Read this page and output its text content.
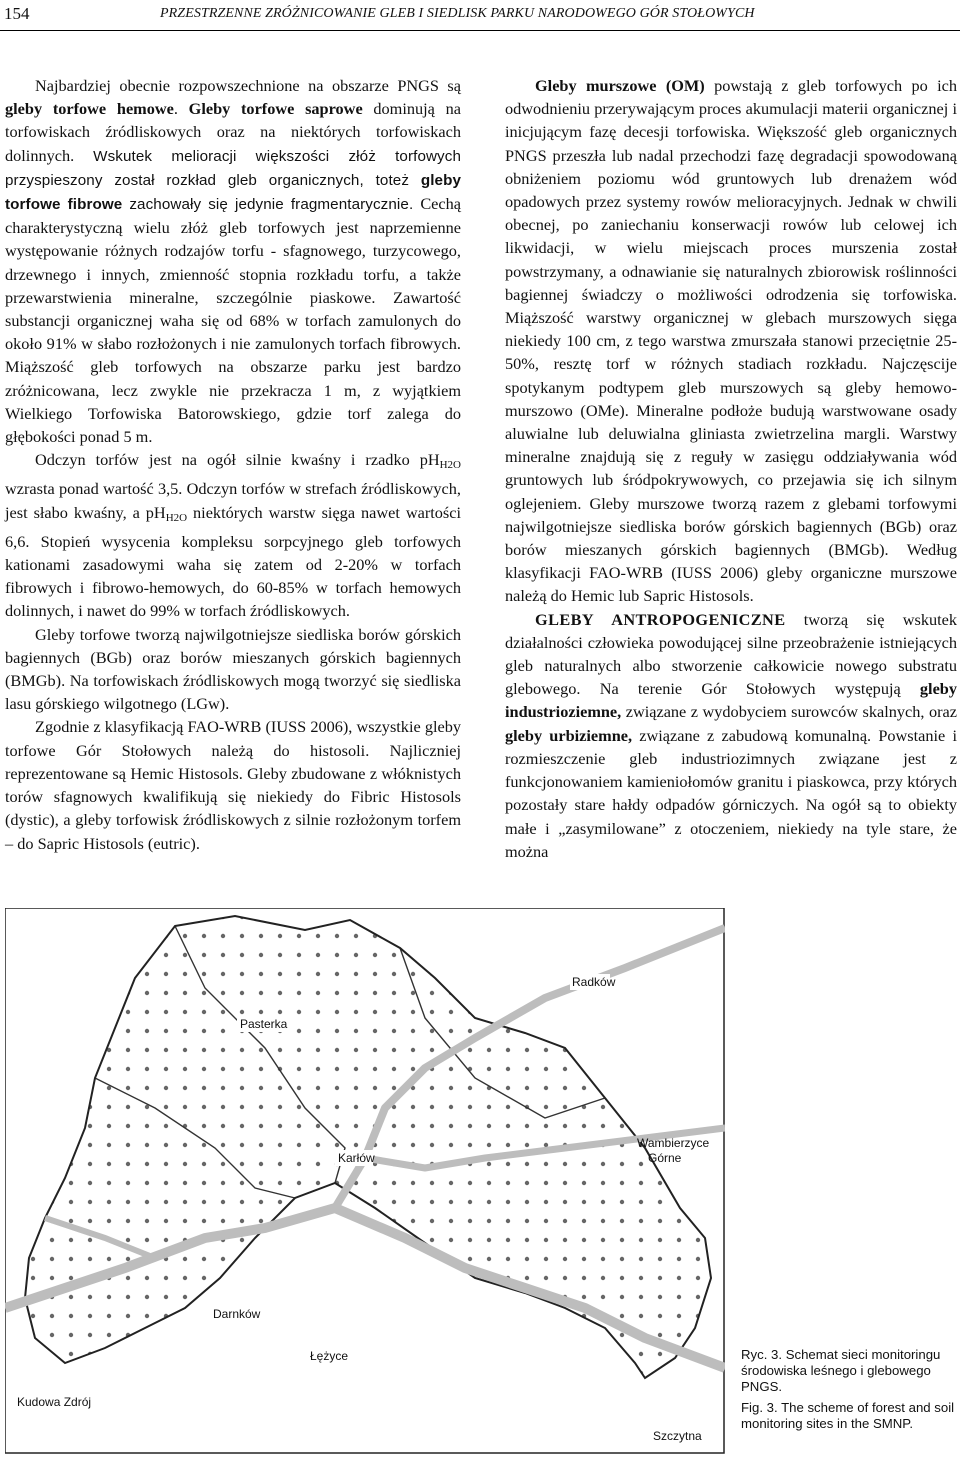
154	PRZESTRZENNE ZRÓŻNICOWANIE GLEB I SIEDLISK PARKU NARODOWEGO GÓR STOŁOWYCH

Najbardziej obecnie rozpowszechnione na obszarze PNGS są gleby torfowe hemowe. Gleby torfowe saprowe dominują na torfowiskach źródliskowych oraz na niektórych torfowiskach dolinnych. Wskutek melioracji większości złóż torfowych przyspieszony został rozkład gleb organicznych, toteż gleby torfowe fibrowe zachowały się jedynie fragmentarycznie. Cechą charakterystyczną wielu złóż gleb torfowych jest naprzemienne występowanie różnych rodzajów torfu - sfagnowego, turzycowego, drzewnego i innych, zmienność stopnia rozkładu torfu, a także przewarstwienia mineralne, szczególnie piaskowe. Zawartość substancji organicznej waha się od 68% w torfach zamulonych do około 91% w słabo rozłożonych i nie zamulonych torfach fibrowych. Miąższość gleb torfowych na obszarze parku jest bardzo zróżnicowana, lecz zwykle nie przekracza 1 m, z wyjątkiem Wielkiego Torfowiska Batorowskiego, gdzie torf zalega do głębokości ponad 5 m.

Odczyn torfów jest na ogół silnie kwaśny i rzadko $pH_{H2O}$ wzrasta ponad wartość 3,5. Odczyn torfów w strefach źródliskowych, jest słabo kwaśny, a $pH_{H2O}$ niektórych warstw sięga nawet wartości 6,6. Stopień wysycenia kompleksu sorpcyjnego gleb torfowych kationami zasadowymi waha się zatem od 2-20% w torfach fibrowych i fibrowo-hemowych, do 60-85% w torfach hemowych dolinnych, i nawet do 99% w torfach źródliskowych.

Gleby torfowe tworzą najwilgotniejsze siedliska borów górskich bagiennych (BGb) oraz borów mieszanych górskich bagiennych (BMGb). Na torfowiskach źródliskowych mogą tworzyć się siedliska lasu górskiego wilgotnego (LGw).

Zgodnie z klasyfikacją FAO-WRB (IUSS 2006), wszystkie gleby torfowe Gór Stołowych należą do histosoli. Najliczniej reprezentowane są Hemic Histosols. Gleby zbudowane z włóknistych torów sfagnowych kwalifikują się niekiedy do Fibric Histosols (dystic), a gleby torfowisk źródliskowych z silnie rozłożonym torfem – do Sapric Histosols (eutric).

Gleby murszowe (OM) powstają z gleb torfowych po ich odwodnieniu przerywającym proces akumulacji materii organicznej i inicjującym fazę decesji torfowiska. Większość gleb organicznych PNGS przeszła lub nadal przechodzi fazę degradacji spowodowaną obniżeniem poziomu wód gruntowych lub drenażem wód opadowych przez systemy rowów melioracyjnych. Jednak w chwili obecnej, po zaniechaniu konserwacji rowów lub celowej ich likwidacji, w wielu miejscach proces murszenia został powstrzymany, a odnawianie się naturalnych zbiorowisk roślinności bagiennej świadczy o możliwości odrodzenia się torfowiska. Miąższość warstwy organicznej w glebach murszowych sięga niekiedy 100 cm, z tego warstwa zmurszała stanowi przeciętnie 25-50%, resztę torf w różnych stadiach rozkładu. Najczęscije spotykanym podtypem gleb murszowych są gleby hemowo-murszowo (OMe). Mineralne podłoże budują warstwowane osady aluwialne lub deluwialna gliniasta zwietrzelina margli. Warstwy mineralne znajdują się z reguły w zasięgu oddziaływania wód gruntowych lub śródpokrywowych, co przejawia się ich silnym oglejeniem. Gleby murszowe tworzą razem z glebami torfowymi najwilgotniejsze siedliska borów górskich bagiennych (BGb) oraz borów mieszanych górskich bagiennych (BMGb). Według klasyfikacji FAO-WRB (IUSS 2006) gleby organiczne murszowe należą do Hemic lub Sapric Histosols.

GLEBY ANTROPOGENICZNE tworzą się wskutek działalności człowieka powodującej silne przeobrażenie istniejących gleb naturalnych albo stworzenie całkowicie nowego substratu glebowego. Na terenie Gór Stołowych występują gleby industrioziemne, związane z wydobyciem surowców skalnych, oraz gleby urbiziemne, związane z zabudową komunalną. Powstanie i rozmieszczenie gleb industriozimnych związane jest z funkcjonowaniem kamieniołomów granitu i piaskowca, przy których pozostały stare hałdy odpadów górniczych. Na ogół są to obiekty małe i „zasymilowane” z otoczeniem, niekiedy na tyle stare, że można

Radków
Pasterka
Wambierzyce
Górne
Karłów
Darnków
Łężyce
Kudowa Zdrój
Szczytna
Ryc. 3. Schemat sieci monitoringu środowiska leśnego i glebowego PNGS.
Fig. 3. The scheme of forest and soil monitoring sites in the SMNP.
